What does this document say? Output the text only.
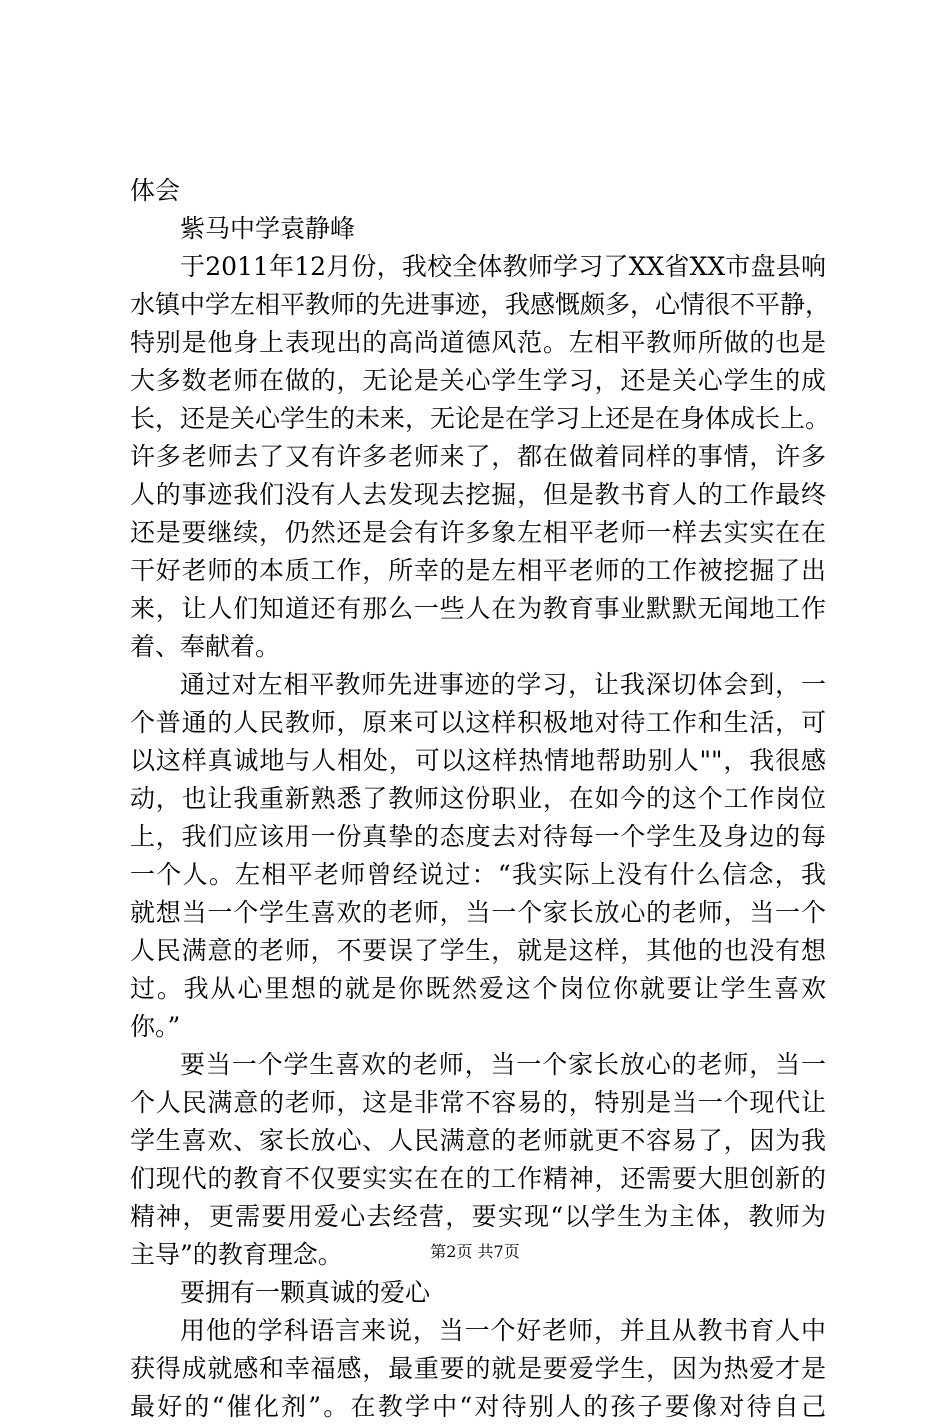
体会
紫马中学袁静峰
于2011年12月份，我校全体教师学习了XX省XX市盘县响
水镇中学左相平教师的先进事迹，我感慨颇多，心情很不平静，
特别是他身上表现出的高尚道德风范。左相平教师所做的也是
大多数老师在做的，无论是关心学生学习，还是关心学生的成
长，还是关心学生的未来，无论是在学习上还是在身体成长上。
许多老师去了又有许多老师来了，都在做着同样的事情，许多
人的事迹我们没有人去发现去挖掘，但是教书育人的工作最终
还是要继续，仍然还是会有许多象左相平老师一样去实实在在
干好老师的本质工作，所幸的是左相平老师的工作被挖掘了出
来，让人们知道还有那么一些人在为教育事业默默无闻地工作
着、奉献着。
通过对左相平教师先进事迹的学习，让我深切体会到，一
个普通的人民教师，原来可以这样积极地对待工作和生活，可
以这样真诚地与人相处，可以这样热情地帮助别人""，我很感
动，也让我重新熟悉了教师这份职业，在如今的这个工作岗位
上，我们应该用一份真挚的态度去对待每一个学生及身边的每
一个人。左相平老师曾经说过：“我实际上没有什么信念，我
就想当一个学生喜欢的老师，当一个家长放心的老师，当一个
人民满意的老师，不要误了学生，就是这样，其他的也没有想
过。我从心里想的就是你既然爱这个岗位你就要让学生喜欢
你。”
要当一个学生喜欢的老师，当一个家长放心的老师，当一
个人民满意的老师，这是非常不容易的，特别是当一个现代让
学生喜欢、家长放心、人民满意的老师就更不容易了，因为我
们现代的教育不仅要实实在在的工作精神，还需要大胆创新的
精神，更需要用爱心去经营，要实现“以学生为主体，教师为
主导”的教育理念。
要拥有一颗真诚的爱心
用他的学科语言来说，当一个好老师，并且从教书育人中
获得成就感和幸福感，最重要的就是要爱学生，因为热爱才是
最好的“催化剂”。在教学中“对待别人的孩子要像对待自己
第2页 共7页
